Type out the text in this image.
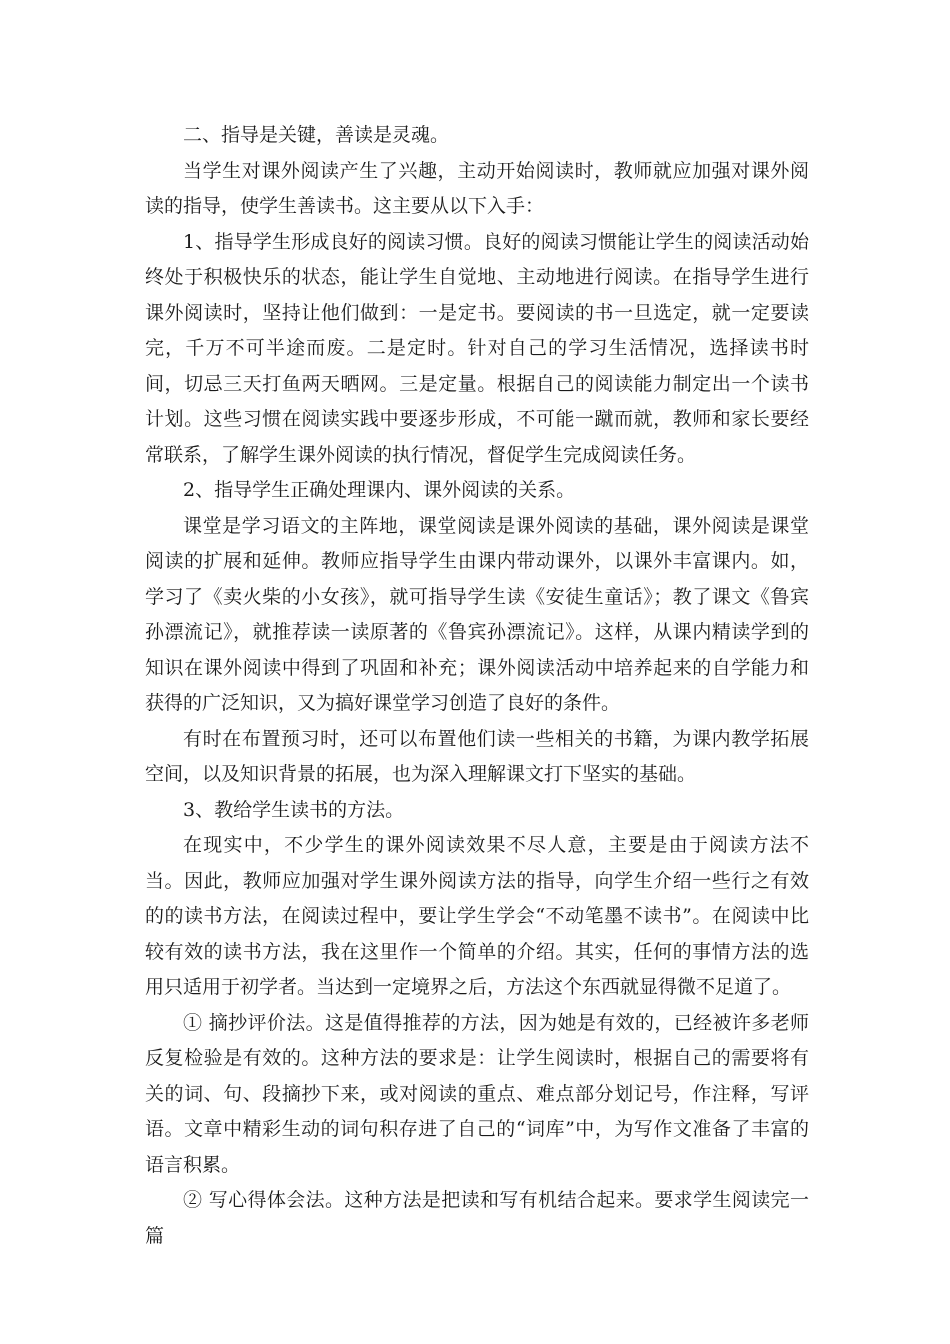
二、指导是关键，善读是灵魂。

当学生对课外阅读产生了兴趣，主动开始阅读时，教师就应加强对课外阅读的指导，使学生善读书。这主要从以下入手：

1、指导学生形成良好的阅读习惯。良好的阅读习惯能让学生的阅读活动始终处于积极快乐的状态，能让学生自觉地、主动地进行阅读。在指导学生进行课外阅读时，坚持让他们做到：一是定书。要阅读的书一旦选定，就一定要读完，千万不可半途而废。二是定时。针对自己的学习生活情况，选择读书时间，切忌三天打鱼两天晒网。三是定量。根据自己的阅读能力制定出一个读书计划。这些习惯在阅读实践中要逐步形成，不可能一蹴而就，教师和家长要经常联系，了解学生课外阅读的执行情况，督促学生完成阅读任务。

2、指导学生正确处理课内、课外阅读的关系。

课堂是学习语文的主阵地，课堂阅读是课外阅读的基础，课外阅读是课堂阅读的扩展和延伸。教师应指导学生由课内带动课外，以课外丰富课内。如，学习了《卖火柴的小女孩》，就可指导学生读《安徒生童话》；教了课文《鲁宾孙漂流记》，就推荐读一读原著的《鲁宾孙漂流记》。这样，从课内精读学到的知识在课外阅读中得到了巩固和补充；课外阅读活动中培养起来的自学能力和获得的广泛知识，又为搞好课堂学习创造了良好的条件。

有时在布置预习时，还可以布置他们读一些相关的书籍，为课内教学拓展空间，以及知识背景的拓展，也为深入理解课文打下坚实的基础。

3、教给学生读书的方法。

在现实中，不少学生的课外阅读效果不尽人意，主要是由于阅读方法不当。因此，教师应加强对学生课外阅读方法的指导，向学生介绍一些行之有效的的读书方法，在阅读过程中，要让学生学会“不动笔墨不读书”。在阅读中比较有效的读书方法，我在这里作一个简单的介绍。其实，任何的事情方法的选用只适用于初学者。当达到一定境界之后，方法这个东西就显得微不足道了。

① 摘抄评价法。这是值得推荐的方法，因为她是有效的，已经被许多老师反复检验是有效的。这种方法的要求是：让学生阅读时，根据自己的需要将有关的词、句、段摘抄下来，或对阅读的重点、难点部分划记号，作注释，写评语。文章中精彩生动的词句积存进了自己的“词库”中，为写作文准备了丰富的语言积累。

② 写心得体会法。这种方法是把读和写有机结合起来。要求学生阅读完一篇
